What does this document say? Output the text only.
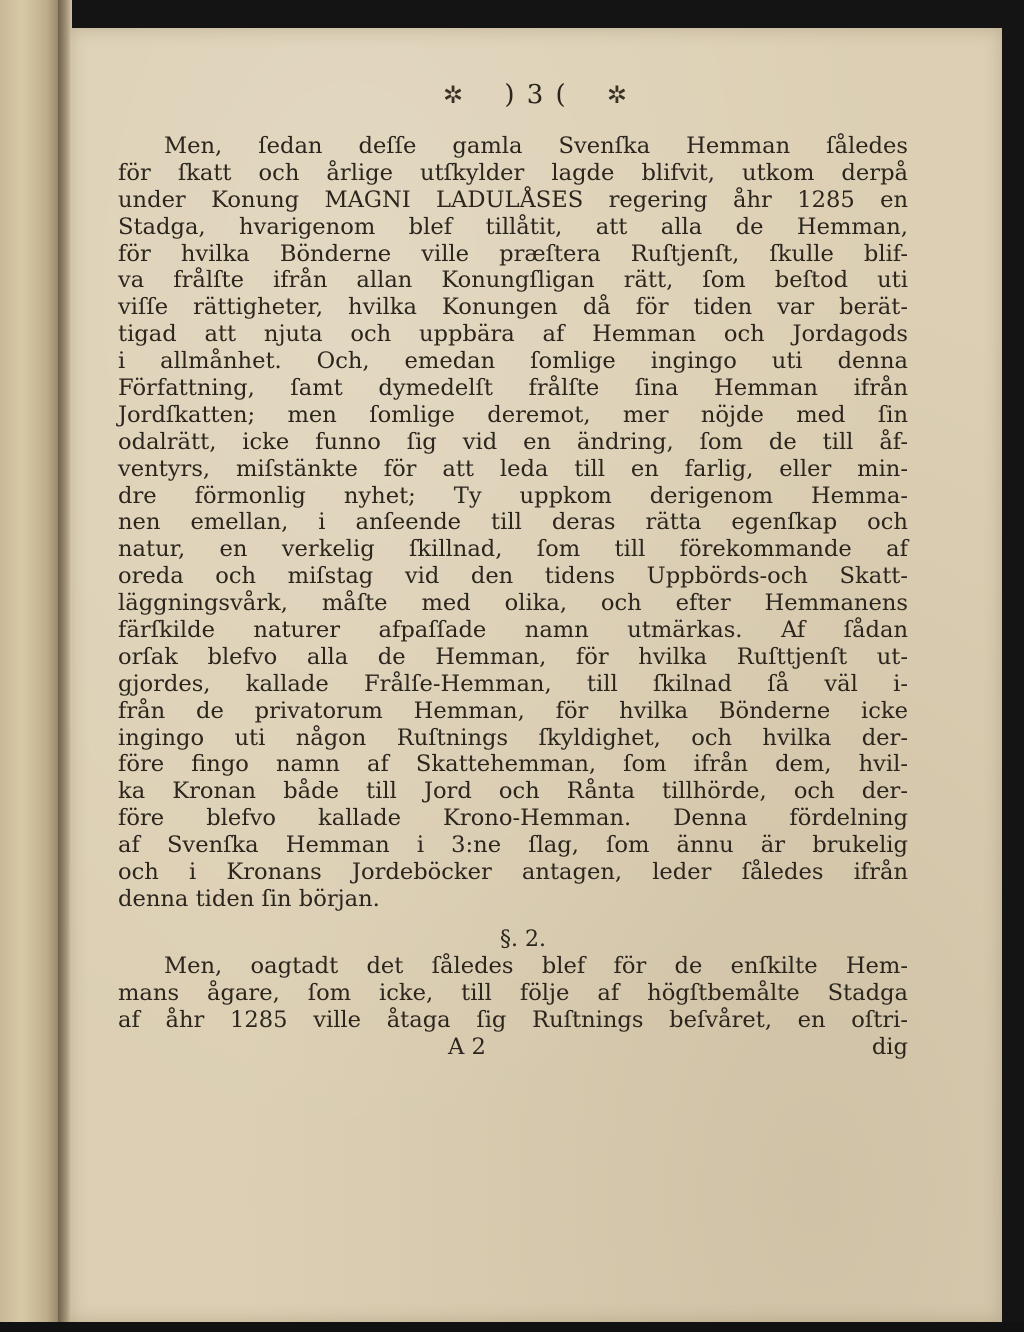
✲ ) 3 ( ✲
Men, ſedan deſſe gamla Svenſka Hemman ſåledes
för ſkatt och årlige utſkylder lagde blifvit, utkom derpå
under Konung MAGNI LADULÅSES regering åhr 1285 en
Stadga, hvarigenom blef tillåtit, att alla de Hemman,
för hvilka Bönderne ville præſtera Ruſtjenſt, ſkulle blif-
va frålſte ifrån allan Konungſligan rätt, ſom beſtod uti
viſſe rättigheter, hvilka Konungen då för tiden var berät-
tigad att njuta och uppbära af Hemman och Jordagods
i allmånhet. Och, emedan ſomlige ingingo uti denna
Författning, ſamt dymedelſt frålſte ſina Hemman ifrån
Jordſkatten; men ſomlige deremot, mer nöjde med ſin
odalrätt, icke funno ſig vid en ändring, ſom de till åf-
ventyrs, miſstänkte för att leda till en farlig, eller min-
dre förmonlig nyhet; Ty uppkom derigenom Hemma-
nen emellan, i anſeende till deras rätta egenſkap och
natur, en verkelig ſkillnad, ſom till förekommande af
oreda och miſstag vid den tidens Uppbörds-och Skatt-
läggningsvårk, måſte med olika, och efter Hemmanens
färſkilde naturer afpaſſade namn utmärkas. Af ſådan
orſak blefvo alla de Hemman, för hvilka Ruſttjenſt ut-
gjordes, kallade Frålſe-Hemman, till ſkilnad ſå väl i-
från de privatorum Hemman, för hvilka Bönderne icke
ingingo uti någon Ruſtnings ſkyldighet, och hvilka der-
före fingo namn af Skattehemman, ſom ifrån dem, hvil-
ka Kronan både till Jord och Rånta tillhörde, och der-
före blefvo kallade Krono-Hemman. Denna fördelning
af Svenſka Hemman i 3:ne ſlag, ſom ännu är brukelig
och i Kronans Jordeböcker antagen, leder ſåledes ifrån
denna tiden ſin början.
§. 2.
Men, oagtadt det ſåledes blef för de enſkilte Hem-
mans ågare, ſom icke, till följe af högſtbemålte Stadga
af åhr 1285 ville åtaga ſig Ruſtnings beſvåret, en oſtri-
A 2	dig
